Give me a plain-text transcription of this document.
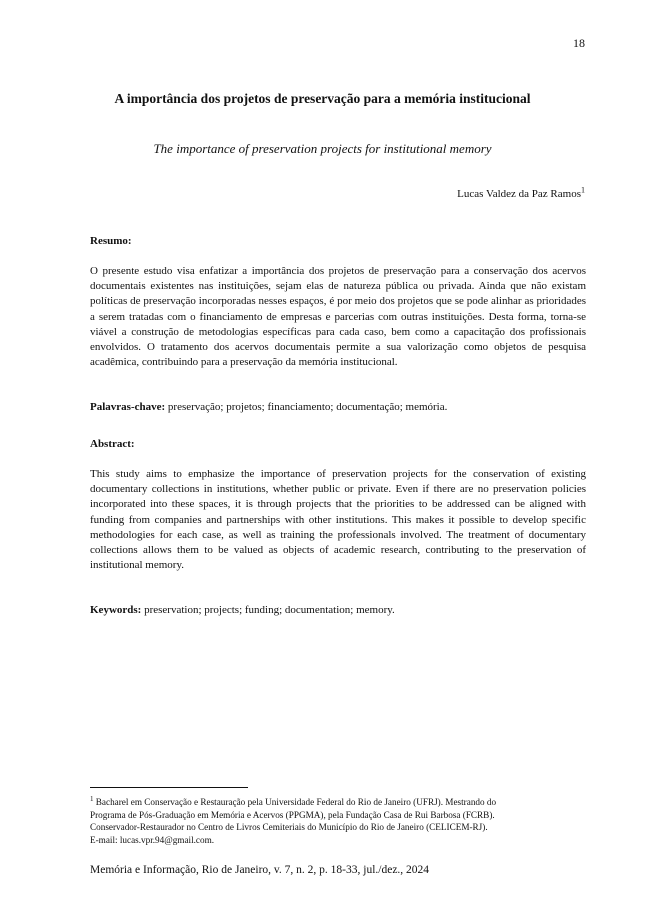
18
A importância dos projetos de preservação para a memória institucional
The importance of preservation projects for institutional memory
Lucas Valdez da Paz Ramos$^1$
Resumo:

O presente estudo visa enfatizar a importância dos projetos de preservação para a conservação dos acervos documentais existentes nas instituições, sejam elas de natureza pública ou privada. Ainda que não existam políticas de preservação incorporadas nesses espaços, é por meio dos projetos que se pode alinhar as prioridades a serem tratadas com o financiamento de empresas e parcerias com outras instituições. Desta forma, torna-se viável a construção de metodologias específicas para cada caso, bem como a capacitação dos profissionais envolvidos. O tratamento dos acervos documentais permite a sua valorização como objetos de pesquisa acadêmica, contribuindo para a preservação da memória institucional.

Palavras-chave: preservação; projetos; financiamento; documentação; memória.
Abstract:

This study aims to emphasize the importance of preservation projects for the conservation of existing documentary collections in institutions, whether public or private. Even if there are no preservation policies incorporated into these spaces, it is through projects that the priorities to be addressed can be aligned with funding from companies and partnerships with other institutions. This makes it possible to develop specific methodologies for each case, as well as training the professionals involved. The treatment of documentary collections allows them to be valued as objects of academic research, contributing to the preservation of institutional memory.

Keywords: preservation; projects; funding; documentation; memory.
$^1$ Bacharel em Conservação e Restauração pela Universidade Federal do Rio de Janeiro (UFRJ). Mestrando do
Programa de Pós-Graduação em Memória e Acervos (PPGMA), pela Fundação Casa de Rui Barbosa (FCRB).
Conservador-Restaurador no Centro de Livros Cemiteriais do Município do Rio de Janeiro (CELICEM-RJ).
E-mail: lucas.vpr.94@gmail.com.
Memória e Informação, Rio de Janeiro, v. 7, n. 2, p. 18-33, jul./dez., 2024
